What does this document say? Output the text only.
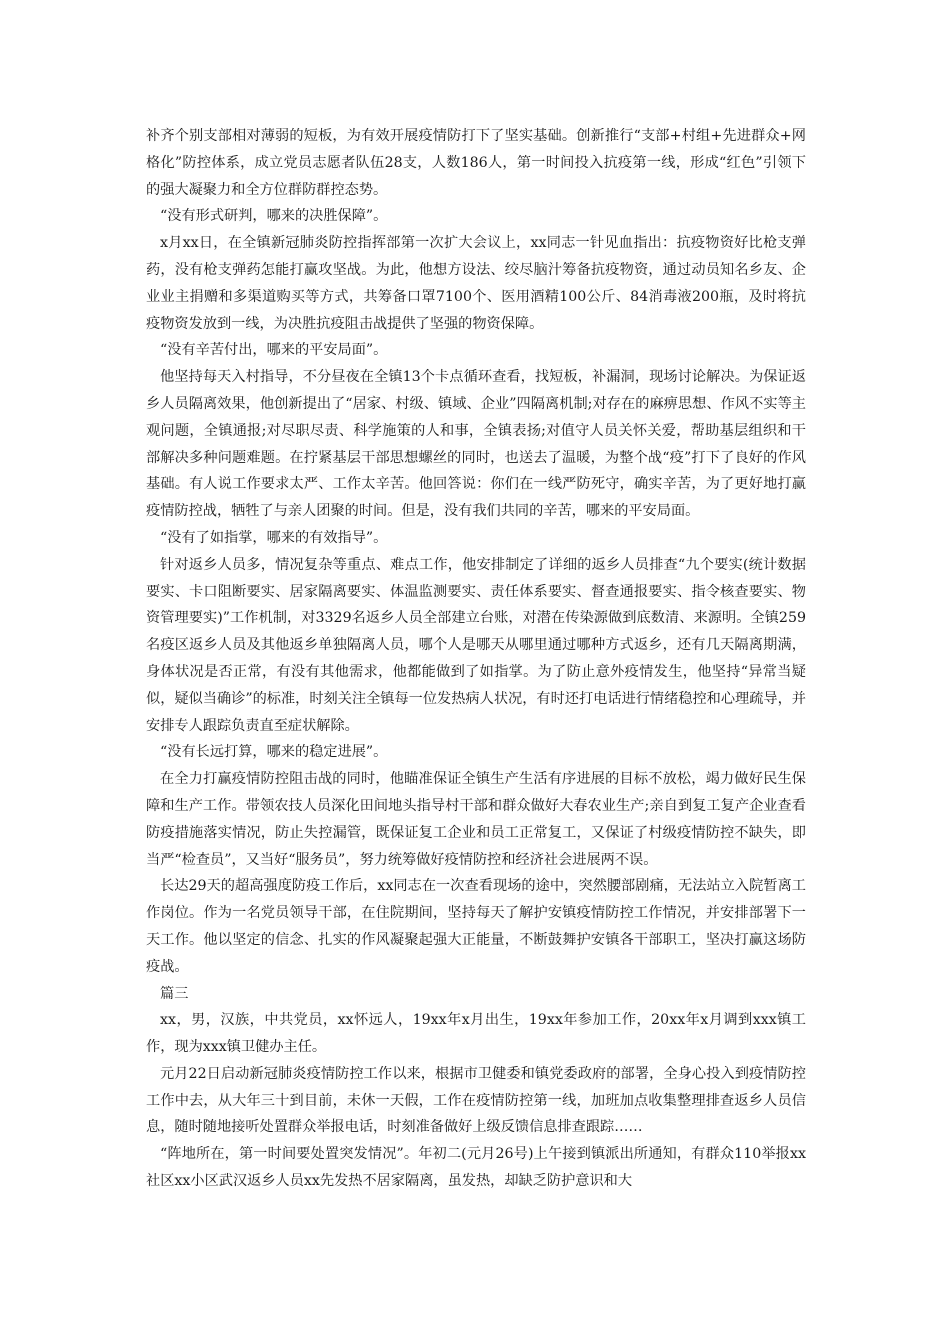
补齐个别支部相对薄弱的短板，为有效开展疫情防打下了坚实基础。创新推行“支部+村组+先进群众+网格化”防控体系，成立党员志愿者队伍28支，人数186人，第一时间投入抗疫第一线，形成“红色”引领下的强大凝聚力和全方位群防群控态势。

“没有形式研判，哪来的决胜保障”。

x月xx日，在全镇新冠肺炎防控指挥部第一次扩大会议上，xx同志一针见血指出：抗疫物资好比枪支弹药，没有枪支弹药怎能打赢攻坚战。为此，他想方设法、绞尽脑汁筹备抗疫物资，通过动员知名乡友、企业业主捐赠和多渠道购买等方式，共筹备口罩7100个、医用酒精100公斤、84消毒液200瓶，及时将抗疫物资发放到一线，为决胜抗疫阻击战提供了坚强的物资保障。

“没有辛苦付出，哪来的平安局面”。

他坚持每天入村指导，不分昼夜在全镇13个卡点循环查看，找短板，补漏洞，现场讨论解决。为保证返乡人员隔离效果，他创新提出了“居家、村级、镇域、企业”四隔离机制;对存在的麻痹思想、作风不实等主观问题，全镇通报;对尽职尽责、科学施策的人和事，全镇表扬;对值守人员关怀关爱，帮助基层组织和干部解决多种问题难题。在拧紧基层干部思想螺丝的同时，也送去了温暖，为整个战“疫”打下了良好的作风基础。有人说工作要求太严、工作太辛苦。他回答说：你们在一线严防死守，确实辛苦，为了更好地打赢疫情防控战，牺牲了与亲人团聚的时间。但是，没有我们共同的辛苦，哪来的平安局面。

“没有了如指掌，哪来的有效指导”。

针对返乡人员多，情况复杂等重点、难点工作，他安排制定了详细的返乡人员排查“九个要实(统计数据要实、卡口阻断要实、居家隔离要实、体温监测要实、责任体系要实、督查通报要实、指令核查要实、物资管理要实)”工作机制，对3329名返乡人员全部建立台账，对潜在传染源做到底数清、来源明。全镇259名疫区返乡人员及其他返乡单独隔离人员，哪个人是哪天从哪里通过哪种方式返乡，还有几天隔离期满，身体状况是否正常，有没有其他需求，他都能做到了如指掌。为了防止意外疫情发生，他坚持“异常当疑似，疑似当确诊”的标准，时刻关注全镇每一位发热病人状况，有时还打电话进行情绪稳控和心理疏导，并安排专人跟踪负责直至症状解除。

“没有长远打算，哪来的稳定进展”。

在全力打赢疫情防控阻击战的同时，他瞄准保证全镇生产生活有序进展的目标不放松，竭力做好民生保障和生产工作。带领农技人员深化田间地头指导村干部和群众做好大春农业生产;亲自到复工复产企业查看防疫措施落实情况，防止失控漏管，既保证复工企业和员工正常复工，又保证了村级疫情防控不缺失，即当严“检查员”，又当好“服务员”，努力统筹做好疫情防控和经济社会进展两不误。

长达29天的超高强度防疫工作后，xx同志在一次查看现场的途中，突然腰部剧痛，无法站立入院暂离工作岗位。作为一名党员领导干部，在住院期间，坚持每天了解护安镇疫情防控工作情况，并安排部署下一天工作。他以坚定的信念、扎实的作风凝聚起强大正能量，不断鼓舞护安镇各干部职工，坚决打赢这场防疫战。

篇三

xx，男，汉族，中共党员，xx怀远人，19xx年x月出生，19xx年参加工作，20xx年x月调到xxx镇工作，现为xxx镇卫健办主任。

元月22日启动新冠肺炎疫情防控工作以来，根据市卫健委和镇党委政府的部署，全身心投入到疫情防控工作中去，从大年三十到目前，未休一天假，工作在疫情防控第一线，加班加点收集整理排查返乡人员信息，随时随地接听处置群众举报电话，时刻准备做好上级反馈信息排查跟踪……

“阵地所在，第一时间要处置突发情况”。年初二(元月26号)上午接到镇派出所通知，有群众110举报xx社区xx小区武汉返乡人员xx先发热不居家隔离，虽发热，却缺乏防护意识和大
